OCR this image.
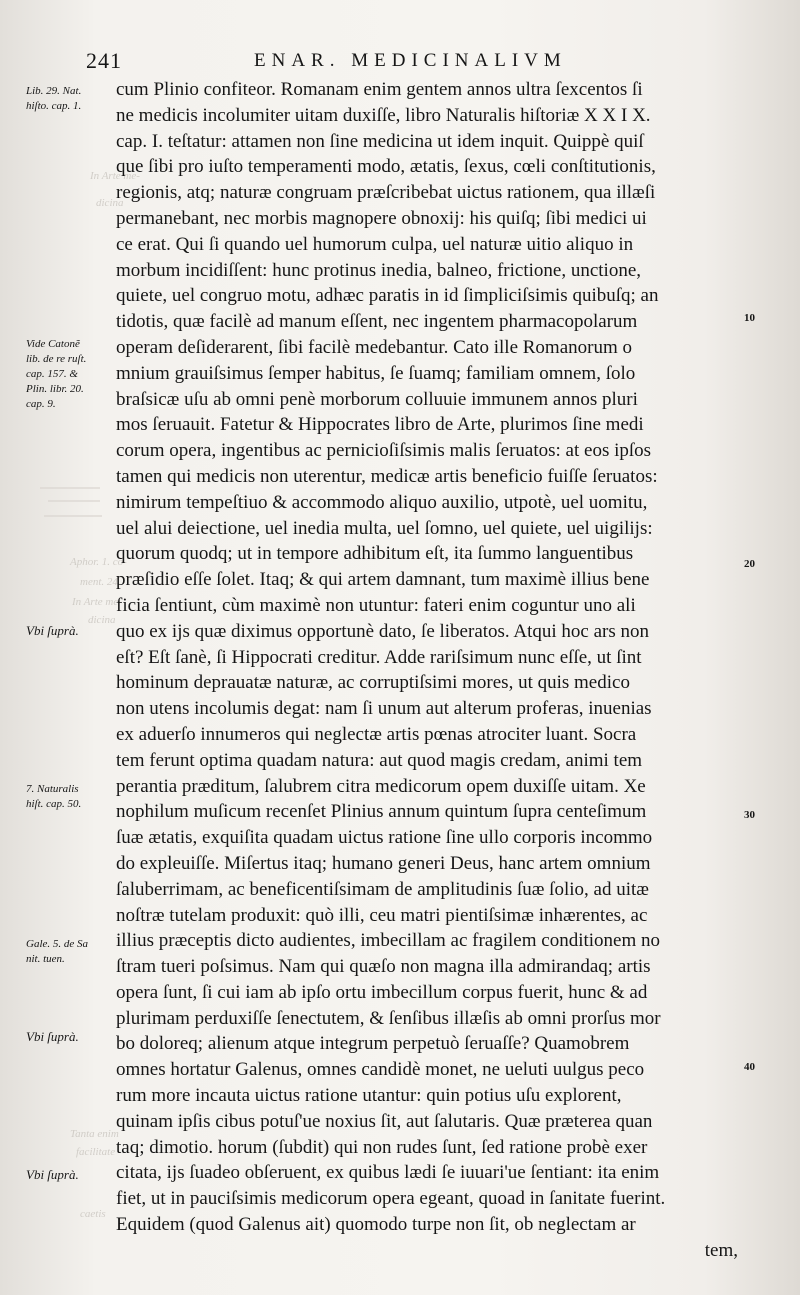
In Arte me-
dicina
Aphor. 1. co-
ment. 24.
In Arte me-
dicina
Tanta enim
facilitate
caetis
241	ENAR. MEDICINALIVM
Lib. 29. Nat.
hiſto. cap. 1.
Vide Catonẽ
lib. de re ruſt.
cap. 157. &
Plin. libr. 20.
cap. 9.
Vbi ſuprà.
7. Naturalis
hiſt. cap. 50.
Gale. 5. de Sa
nit. tuen.
Vbi ſuprà.
Vbi ſuprà.
cum Plinio confiteor. Romanam enim gentem annos ultra ſexcentos ſi
ne medicis incolumiter uitam duxiſſe, libro Naturalis hiſtoriæ X X I X.
cap. I. teſtatur: attamen non ſine medicina ut idem inquit. Quippè quiſ
que ſibi pro iuſto temperamenti modo, ætatis, ſexus, cœli conſtitutionis,
regionis, atq; naturæ congruam præſcribebat uictus rationem, qua illæſi
permanebant, nec morbis magnopere obnoxij: his quiſq; ſibi medici ui
ce erat. Qui ſi quando uel humorum culpa, uel naturæ uitio aliquo in
morbum incidiſſent: hunc protinus inedia, balneo, frictione, unctione,
quiete, uel congruo motu, adhæc paratis in id ſimpliciſsimis quibuſq; an
tidotis, quæ facilè ad manum eſſent, nec ingentem pharmacopolarum
operam deſiderarent, ſibi facilè medebantur. Cato ille Romanorum o
mnium grauiſsimus ſemper habitus, ſe ſuamq; familiam omnem, ſolo
braſsicæ uſu ab omni penè morborum colluuie immunem annos pluri
mos ſeruauit. Fatetur & Hippocrates libro de Arte, plurimos ſine medi
corum opera, ingentibus ac pernicioſiſsimis malis ſeruatos: at eos ipſos
tamen qui medicis non uterentur, medicæ artis beneficio fuiſſe ſeruatos:
nimirum tempeſtiuo & accommodo aliquo auxilio, utpotè, uel uomitu,
uel alui deiectione, uel inedia multa, uel ſomno, uel quiete, uel uigilijs:
quorum quodq; ut in tempore adhibitum eſt, ita ſummo languentibus
præſidio eſſe ſolet. Itaq; & qui artem damnant, tum maximè illius bene
ficia ſentiunt, cùm maximè non utuntur: fateri enim coguntur uno ali
quo ex ijs quæ diximus opportunè dato, ſe liberatos. Atqui hoc ars non
eſt? Eſt ſanè, ſi Hippocrati creditur. Adde rariſsimum nunc eſſe, ut ſint
hominum deprauatæ naturæ, ac corruptiſsimi mores, ut quis medico
non utens incolumis degat: nam ſi unum aut alterum proferas, inuenias
ex aduerſo innumeros qui neglectæ artis pœnas atrociter luant. Socra
tem ferunt optima quadam natura: aut quod magis credam, animi tem
perantia præditum, ſalubrem citra medicorum opem duxiſſe uitam. Xe
nophilum muſicum recenſet Plinius annum quintum ſupra centeſimum
ſuæ ætatis, exquiſita quadam uictus ratione ſine ullo corporis incommo
do expleuiſſe. Miſertus itaq; humano generi Deus, hanc artem omnium
ſaluberrimam, ac beneficentiſsimam de amplitudinis ſuæ ſolio, ad uitæ
noſtræ tutelam produxit: quò illi, ceu matri pientiſsimæ inhærentes, ac
illius præceptis dicto audientes, imbecillam ac fragilem conditionem no
ſtram tueri poſsimus. Nam qui quæſo non magna illa admirandaq; artis
opera ſunt, ſi cui iam ab ipſo ortu imbecillum corpus fuerit, hunc & ad
plurimam perduxiſſe ſenectutem, & ſenſibus illæſis ab omni prorſus mor
bo doloreq; alienum atque integrum perpetuò ſeruaſſe? Quamobrem
omnes hortatur Galenus, omnes candidè monet, ne ueluti uulgus peco
rum more incauta uictus ratione utantur: quin potius uſu explorent,
quinam ipſis cibus potuſ'ue noxius ſit, aut ſalutaris. Quæ præterea quan
taq; dimotio. horum (ſubdit) qui non rudes ſunt, ſed ratione probè exer
citata, ijs ſuadeo obſeruent, ex quibus lædi ſe iuuari'ue ſentiant: ita enim
fiet, ut in pauciſsimis medicorum opera egeant, quoad in ſanitate fuerint.
Equidem (quod Galenus ait) quomodo turpe non ſit, ob neglectam ar
tem,
10
20
30
40
